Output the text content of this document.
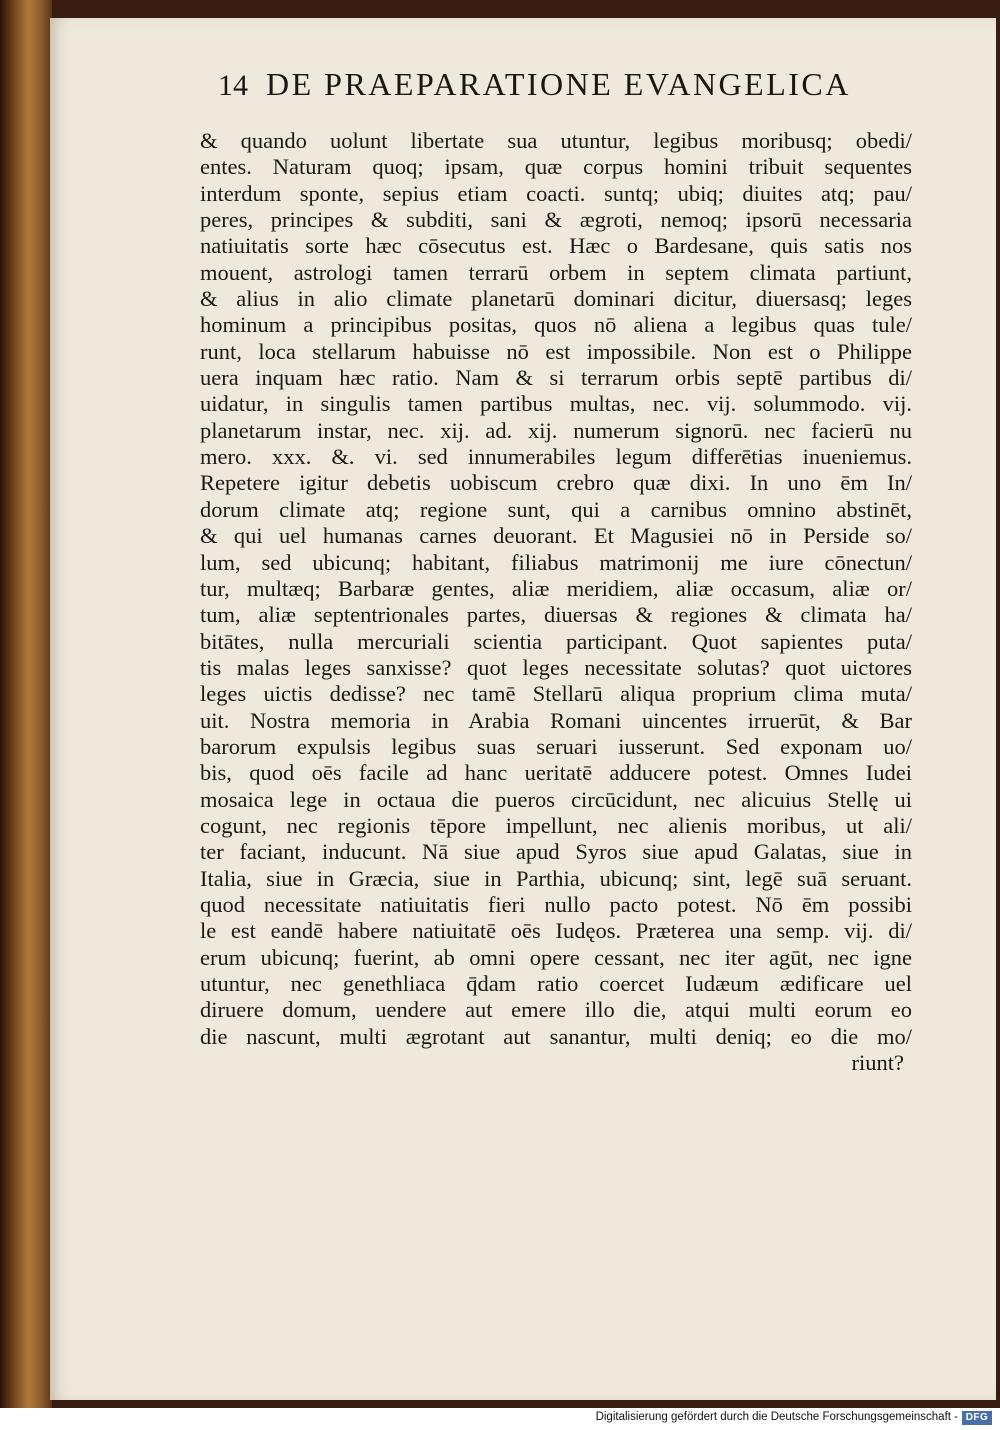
14 DE PRAEPARATIONE EVANGELICA
& quando uolunt libertate sua utuntur, legibus moribusq; obedi/
entes. Naturam quoq; ipsam, quæ corpus homini tribuit sequentes
interdum sponte, sepius etiam coacti. suntq; ubiq; diuites atq; pau/
peres, principes & subditi, sani & ægroti, nemoq; ipsorū necessaria
natiuitatis sorte hæc cōsecutus est. Hæc o Bardesane, quis satis nos
mouent, astrologi tamen terrarū orbem in septem climata partiunt,
& alius in alio climate planetarū dominari dicitur, diuersasq; leges
hominum a principibus positas, quos nō aliena a legibus quas tule/
runt, loca stellarum habuisse nō est impossibile. Non est o Philippe
uera inquam hæc ratio. Nam & si terrarum orbis septē partibus di/
uidatur, in singulis tamen partibus multas, nec. vij. solummodo. vij.
planetarum instar, nec. xij. ad. xij. numerum signorū. nec facierū nu
mero. xxx. &. vi. sed innumerabiles legum differētias inueniemus.
Repetere igitur debetis uobiscum crebro quæ dixi. In uno ēm In/
dorum climate atq; regione sunt, qui a carnibus omnino abstinēt,
& qui uel humanas carnes deuorant. Et Magusiei nō in Perside so/
lum, sed ubicunq; habitant, filiabus matrimonij me iure cōnectun/
tur, multæq; Barbaræ gentes, aliæ meridiem, aliæ occasum, aliæ or/
tum, aliæ septentrionales partes, diuersas & regiones & climata ha/
bitātes, nulla mercuriali scientia participant. Quot sapientes puta/
tis malas leges sanxisse? quot leges necessitate solutas? quot uictores
leges uictis dedisse? nec tamē Stellarū aliqua proprium clima muta/
uit. Nostra memoria in Arabia Romani uincentes irruerūt, & Bar
barorum expulsis legibus suas seruari iusserunt. Sed exponam uo/
bis, quod oēs facile ad hanc ueritatē adducere potest. Omnes Iudei
mosaica lege in octaua die pueros circūcidunt, nec alicuius Stellę ui
cogunt, nec regionis tēpore impellunt, nec alienis moribus, ut ali/
ter faciant, inducunt. Nā siue apud Syros siue apud Galatas, siue in
Italia, siue in Græcia, siue in Parthia, ubicunq; sint, legē suā seruant.
quod necessitate natiuitatis fieri nullo pacto potest. Nō ēm possibi
le est eandē habere natiuitatē oēs Iudęos. Præterea una semp. vij. di/
erum ubicunq; fuerint, ab omni opere cessant, nec iter agūt, nec igne
utuntur, nec genethliaca q̄dam ratio coercet Iudæum ædificare uel
diruere domum, uendere aut emere illo die, atqui multi eorum eo
die nascunt, multi ægrotant aut sanantur, multi deniq; eo die mo/
riunt?
Digitalisierung gefördert durch die Deutsche Forschungsgemeinschaft - DFG
